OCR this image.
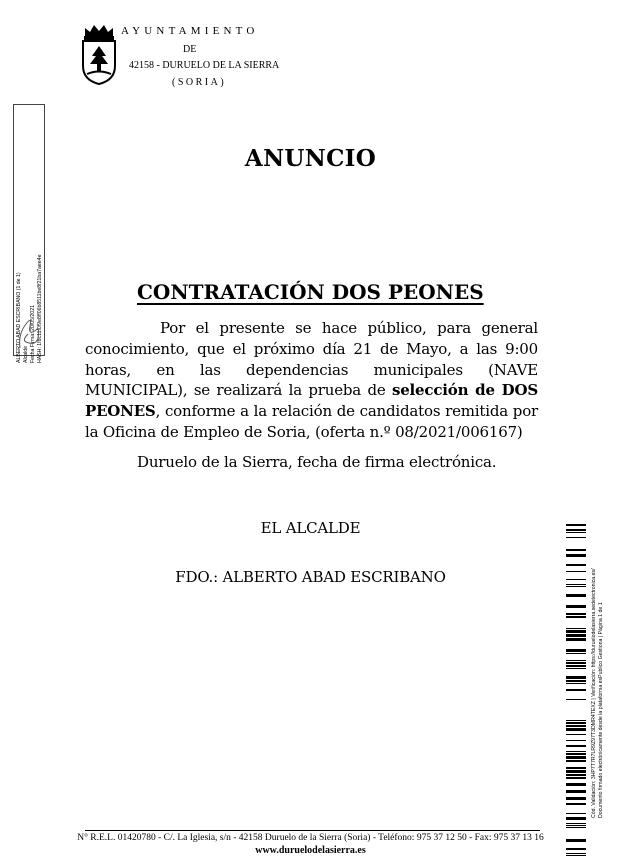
AYUNTAMIENTO
DE
42158 - DURUELO DE LA SIERRA
(SORIA)
ALBERTO ABAD ESCRIBANO (1 de 1) Alcalde Fecha Firma: 20/05/2021 HASH: 1f8c11f0f9e8ff06b8511be8f21ba7aee4e
ANUNCIO
CONTRATACIÓN DOS PEONES
Por el presente se hace público, para general conocimiento, que el próximo día 21 de Mayo, a las 9:00 horas, en las dependencias municipales (NAVE MUNICIPAL), se realizará la prueba de selección de DOS PEONES, conforme a la relación de candidatos remitida por la Oficina de Empleo de Soria, (oferta n.º 08/2021/006167)
Duruelo de la Sierra, fecha de firma electrónica.
EL ALCALDE
FDO.: ALBERTO ABAD ESCRIBANO	Cód. Validación: 3HP7T7R7LR9Z97T3DMR4TEXZ | Verificación: https://duruelodelasierra.sedelectronica.es/ Documento firmado electrónicamente desde la plataforma esPublico Gestiona | Página 1 de 1
N° R.E.L. 01420780 - C/. La Iglesia, s/n - 42158 Duruelo de la Sierra (Soria) - Teléfono: 975 37 12 50 - Fax: 975 37 13 16
www.duruelodelasierra.es
